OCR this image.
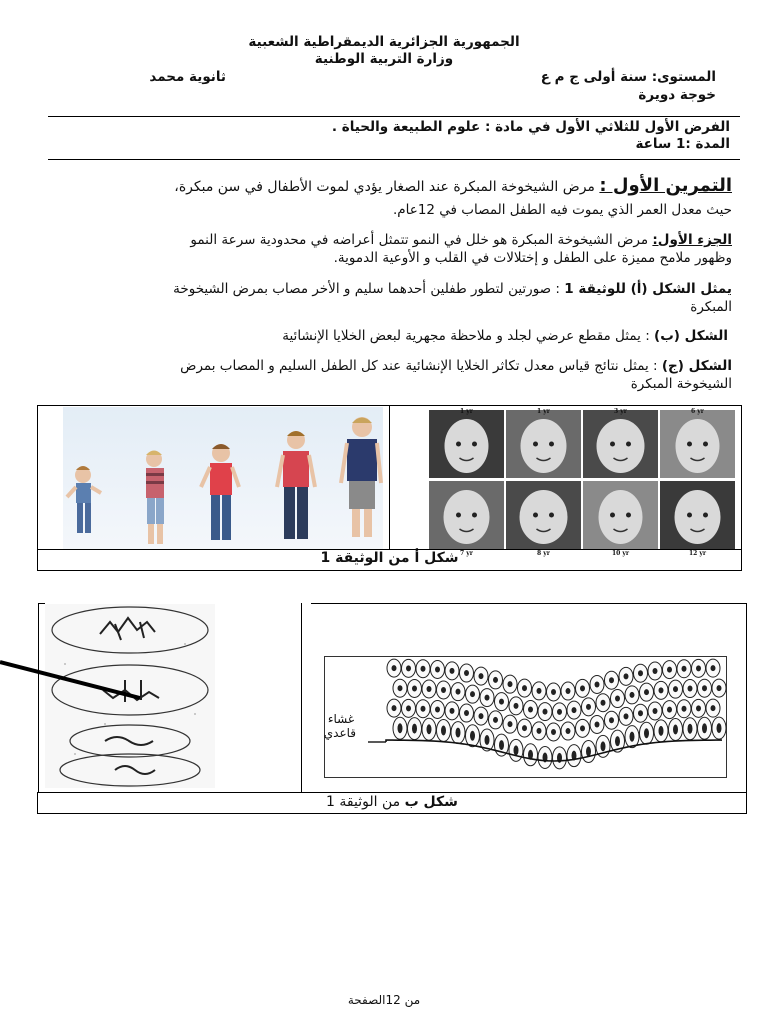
الجمهورية الجزائرية الديمقراطية الشعبية
وزارة التربية الوطنية
المستوى: سنة أولى ج م ع
ثانوية محمد
خوجة دويرة
الفرض الأول للثلاثي الأول في مادة : علوم الطبيعة والحياة .
المدة :1 ساعة
التمرين الأول : مرض الشيخوخة المبكرة عند الصغار يؤدي لموت الأطفال في سن مبكرة،
حيث معدل العمر الذي يموت فيه الطفل المصاب في 12عام.
الجزء الأول: مرض الشيخوخة المبكرة هو خلل في النمو تتمثل أعراضه في محدودية سرعة النمو
وظهور ملامح مميزة على الطفل و إختلالات في القلب و الأوعية الدموية.
يمثل الشكل (أ) للوثيقة 1 : صورتين لتطور طفلين أحدهما سليم و الأخر مصاب بمرض الشيخوخة
المبكرة
الشكل (ب) : يمثل مقطع عرضي لجلد و ملاحظة مجهرية لبعض الخلايا الإنشائية
الشكل (ج) : يمثل نتائج قياس معدل تكاثر الخلايا الإنشائية عند كل الطفل السليم و المصاب بمرض
الشيخوخة المبكرة
1 yr	1 yr	3 yr	6 yr
7 yr	8 yr	10 yr	12 yr
شكل أ من الوثيقة 1
غشاء
قاعدي
شكل ب من الوثيقة 1
من 12الصفحة
